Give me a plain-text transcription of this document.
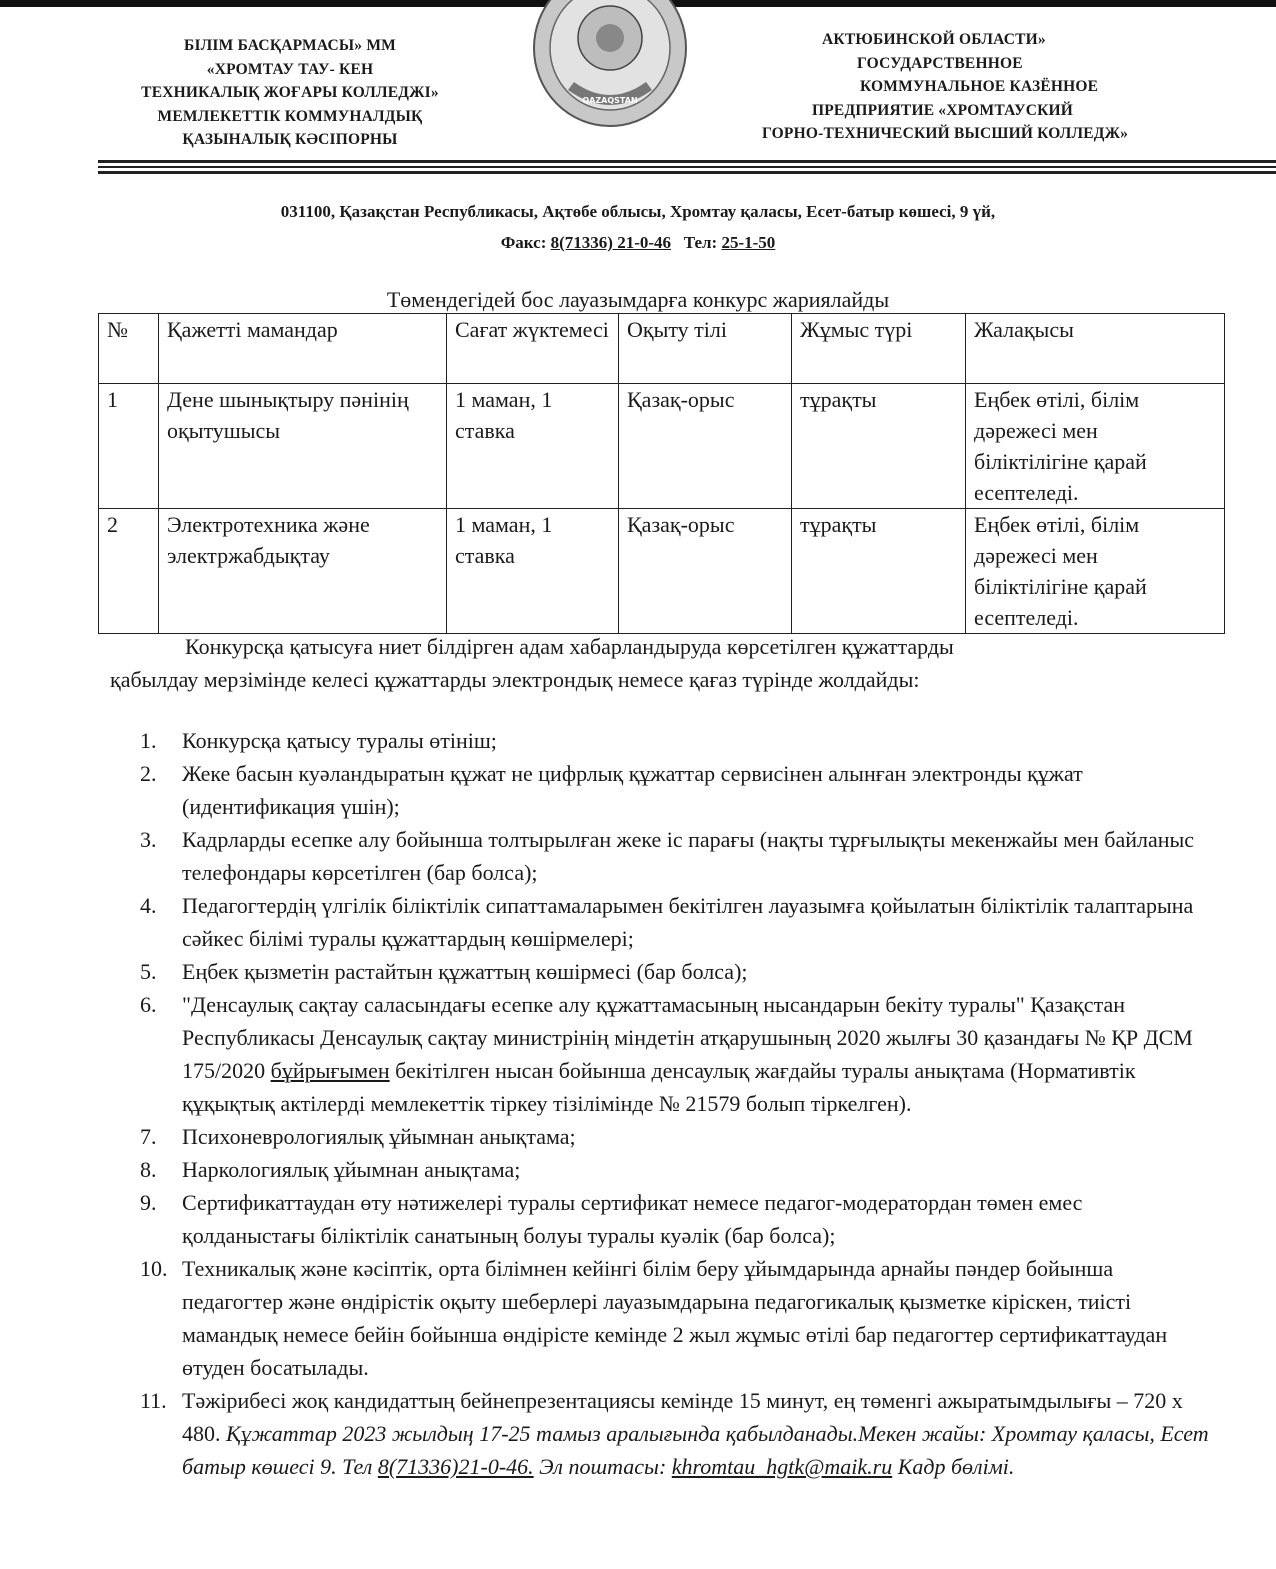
БІЛІМ БАСҚАРМАСЫ» ММ
«ХРОМТАУ ТАУ- КЕН
ТЕХНИКАЛЫҚ ЖОҒАРЫ КОЛЛЕДЖІ»
МЕМЛЕКЕТТІК КОММУНАЛДЫҚ
ҚАЗЫНАЛЫҚ КӘСІПОРНЫ
QAZAQSTAN
АКТЮБИНСКОЙ ОБЛАСТИ»
ГОСУДАРСТВЕННОЕ
КОММУНАЛЬНОЕ КАЗЁННОЕ
ПРЕДПРИЯТИЕ «ХРОМТАУСКИЙ
ГОРНО-ТЕХНИЧЕСКИЙ ВЫСШИЙ КОЛЛЕДЖ»
031100, Қазақстан Республикасы, Ақтөбе облысы, Хромтау қаласы, Есет-батыр көшесі, 9 үй,
Факс: 8(71336) 21-0-46 Тел: 25-1-50
Төмендегідей бос лауазымдарға конкурс жариялайды
№	Қажетті мамандар	Сағат жүктемесі	Оқыту тілі	Жұмыс түрі	Жалақысы
1	Дене шынықтыру пәнінің оқытушысы	1 маман, 1 ставка	Қазақ-орыс	тұрақты	Еңбек өтілі, білім дәрежесі мен біліктілігіне қарай есептеледі.
2	Электротехника және электржабдықтау	1 маман, 1 ставка	Қазақ-орыс	тұрақты	Еңбек өтілі, білім дәрежесі мен біліктілігіне қарай есептеледі.
Конкурсқа қатысуға ниет білдірген адам хабарландыруда көрсетілген құжаттарды
қабылдау мерзімінде келесі құжаттарды электрондық немесе қағаз түрінде жолдайды:
1. Конкурсқа қатысу туралы өтініш;
2. Жеке басын куәландыратын құжат не цифрлық құжаттар сервисінен алынған электронды құжат (идентификация үшін);
3. Кадрларды есепке алу бойынша толтырылған жеке іс парағы (нақты тұрғылықты мекенжайы мен байланыс телефондары көрсетілген (бар болса);
4. Педагогтердің үлгілік біліктілік сипаттамаларымен бекітілген лауазымға қойылатын біліктілік талаптарына сәйкес білімі туралы құжаттардың көшірмелері;
5. Еңбек қызметін растайтын құжаттың көшірмесі (бар болса);
6. "Денсаулық сақтау саласындағы есепке алу құжаттамасының нысандарын бекіту туралы" Қазақстан Республикасы Денсаулық сақтау министрінің міндетін атқарушының 2020 жылғы 30 қазандағы № ҚР ДСМ 175/2020 бұйрығымен бекітілген нысан бойынша денсаулық жағдайы туралы анықтама (Нормативтік құқықтық актілерді мемлекеттік тіркеу тізілімінде № 21579 болып тіркелген).
7. Психоневрологиялық ұйымнан анықтама;
8. Наркологиялық ұйымнан анықтама;
9. Сертификаттаудан өту нәтижелері туралы сертификат немесе педагог-модератордан төмен емес қолданыстағы біліктілік санатының болуы туралы куәлік (бар болса);
10. Техникалық және кәсіптік, орта білімнен кейінгі білім беру ұйымдарында арнайы пәндер бойынша педагогтер және өндірістік оқыту шеберлері лауазымдарына педагогикалық қызметке кіріскен, тиісті мамандық немесе бейін бойынша өндірісте кемінде 2 жыл жұмыс өтілі бар педагогтер сертификаттаудан өтуден босатылады.
11. Тәжірибесі жоқ кандидаттың бейнепрезентациясы кемінде 15 минут, ең төменгі ажыратымдылығы – 720 х 480. Құжаттар 2023 жылдың 17-25 тамыз аралығында қабылданады.Мекен жайы: Хромтау қаласы, Есет батыр көшесі 9. Тел 8(71336)21-0-46. Эл поштасы: khromtau_hgtk@maik.ru Кадр бөлімі.
